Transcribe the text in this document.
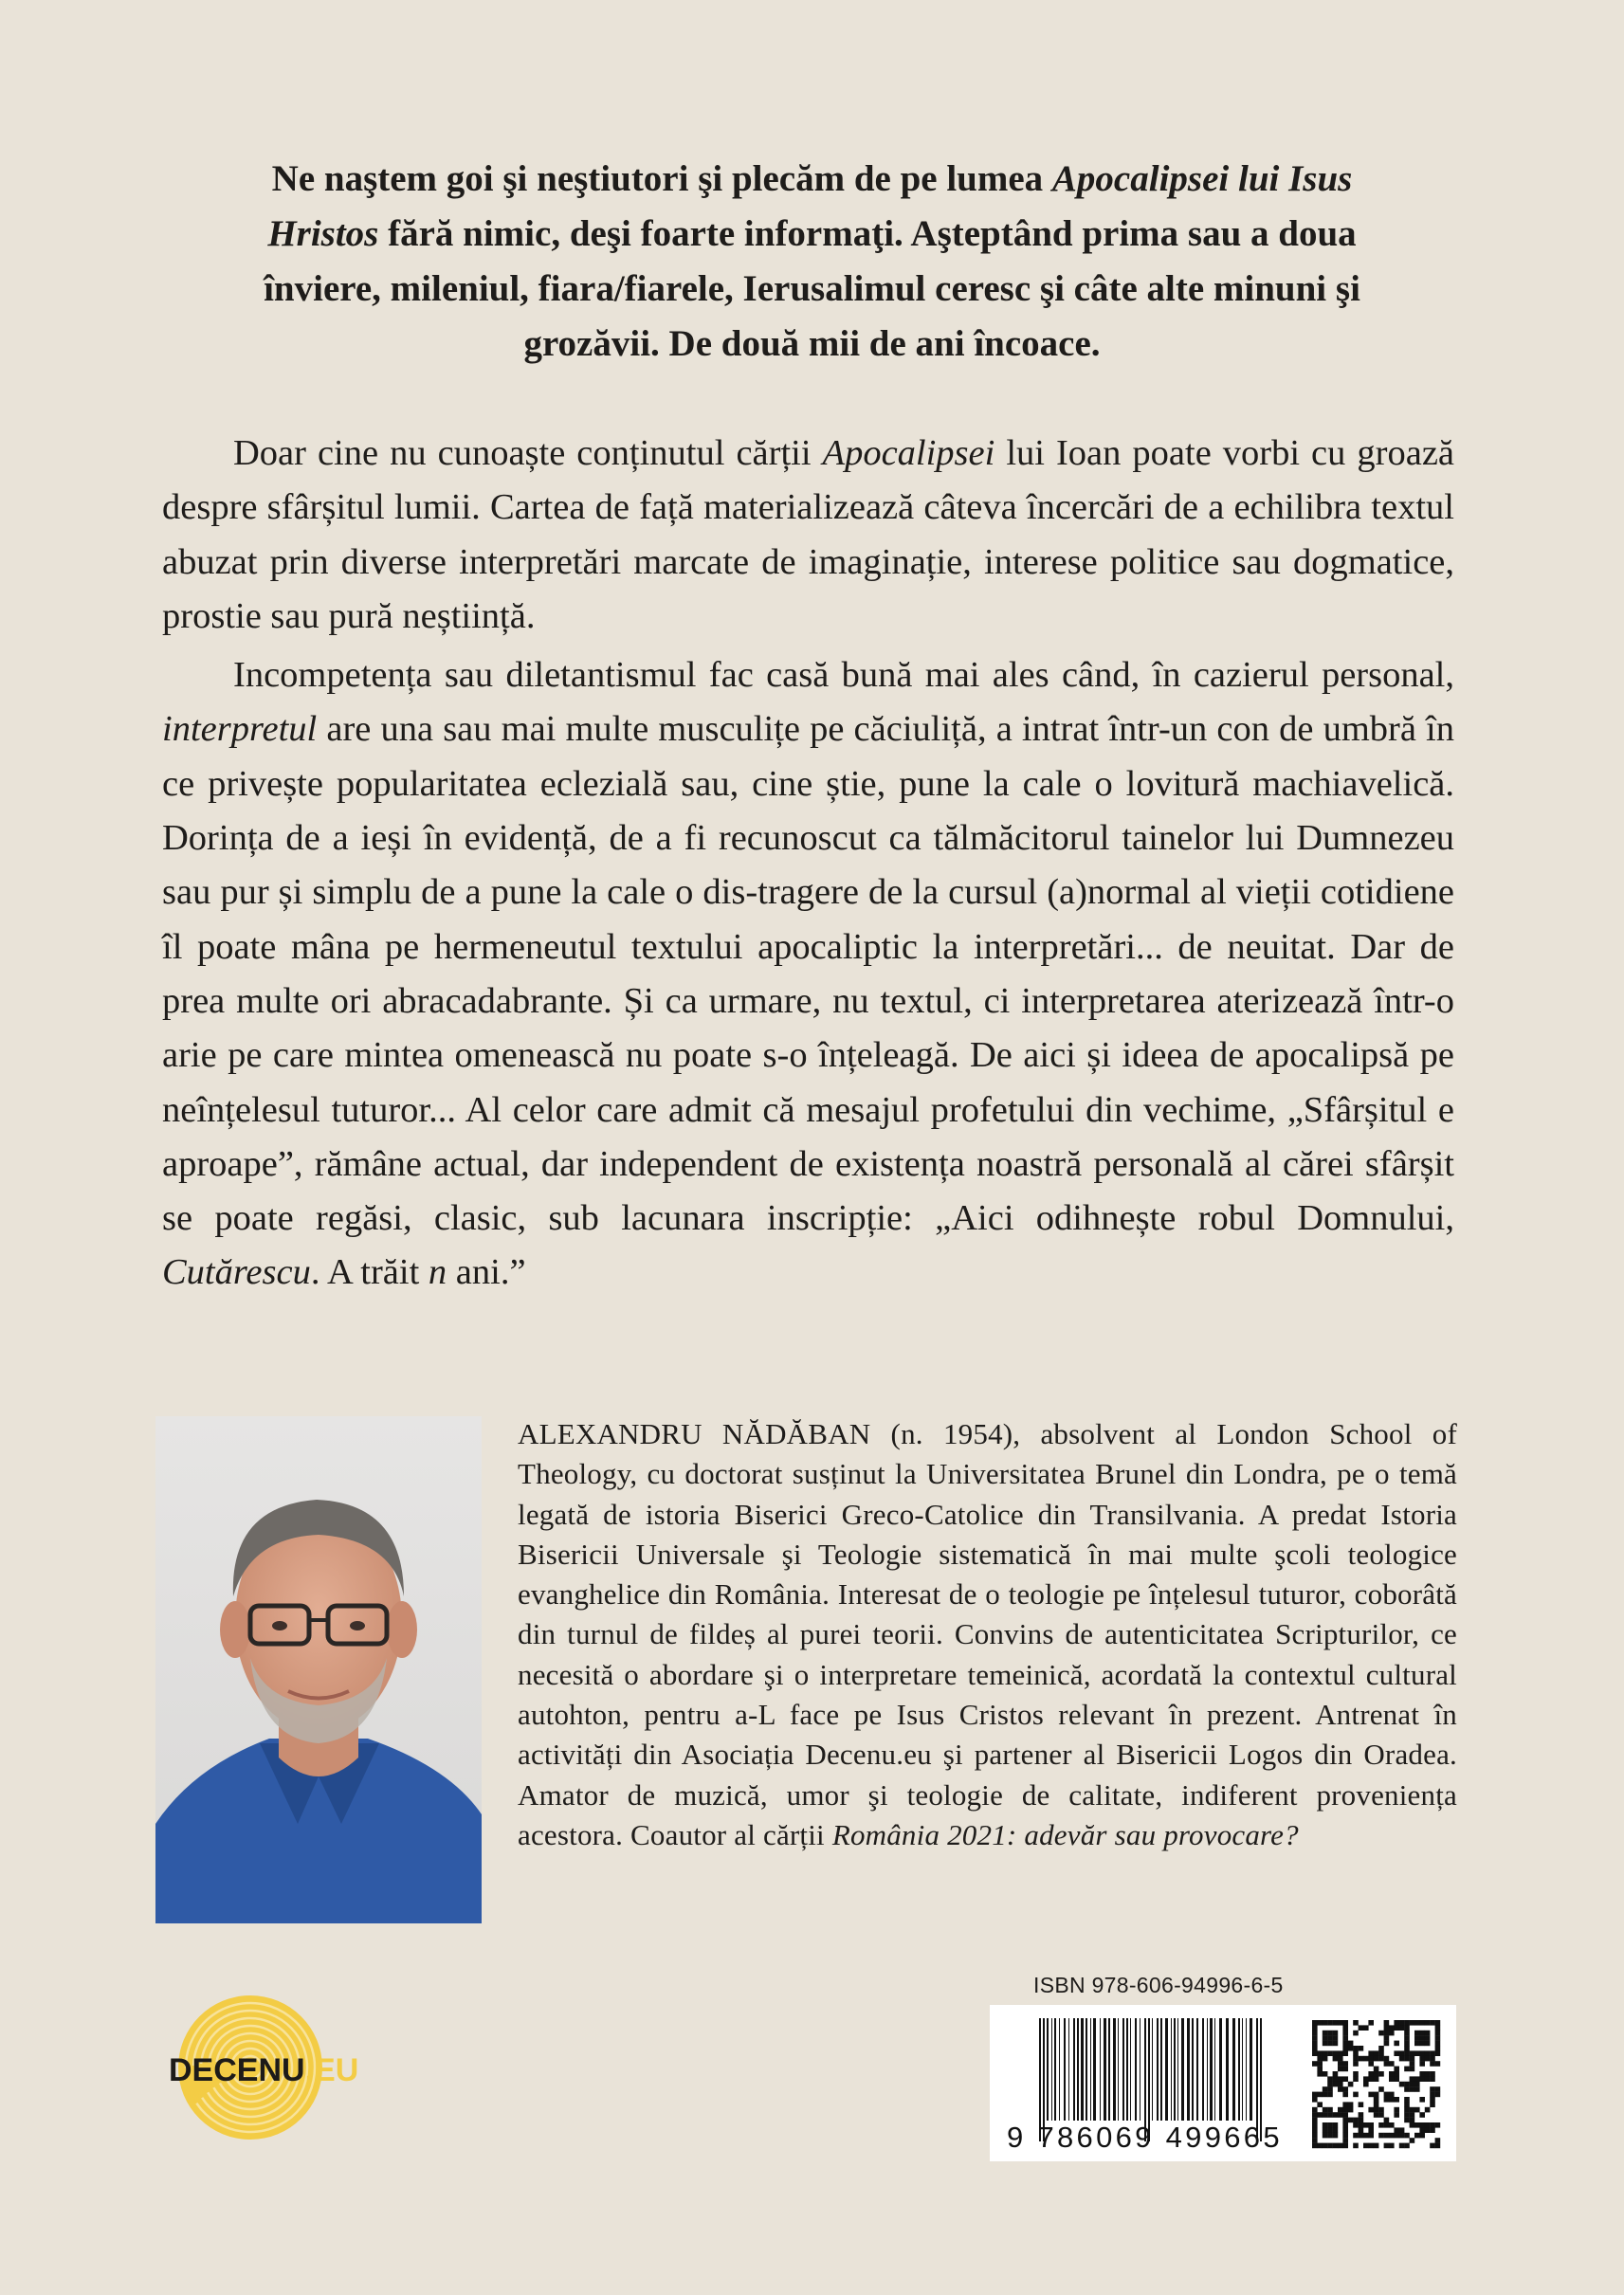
Ne naştem goi şi neştiutori şi plecăm de pe lumea Apocalipsei lui Isus Hristos fără nimic, deşi foarte informaţi. Aşteptând prima sau a doua înviere, mileniul, fiara/fiarele, Ierusalimul ceresc şi câte alte minuni şi grozăvii. De două mii de ani încoace.

Doar cine nu cunoaște conținutul cărții Apocalipsei lui Ioan poate vorbi cu groază despre sfârșitul lumii. Cartea de față materializează câteva încercări de a echilibra textul abuzat prin diverse interpretări marcate de imaginație, interese politice sau dogmatice, prostie sau pură neștiință.

Incompetența sau diletantismul fac casă bună mai ales când, în cazierul personal, interpretul are una sau mai multe musculițe pe căciuliță, a intrat într-un con de umbră în ce privește popularitatea eclezială sau, cine știe, pune la cale o lovitură machiavelică. Dorința de a ieși în evidență, de a fi recunoscut ca tălmăcitorul tainelor lui Dumnezeu sau pur și simplu de a pune la cale o dis-tragere de la cursul (a)normal al vieții cotidiene îl poate mâna pe hermeneutul textului apocaliptic la interpretări... de neuitat. Dar de prea multe ori abracadabrante. Și ca urmare, nu textul, ci interpretarea aterizează într-o arie pe care mintea omenească nu poate s-o înțeleagă. De aici și ideea de apocalipsă pe neînțelesul tuturor... Al celor care admit că mesajul profetului din vechime, „Sfârșitul e aproape”, rămâne actual, dar independent de existența noastră personală al cărei sfârșit se poate regăsi, clasic, sub lacunara inscripție: „Aici odihnește robul Domnului, Cutărescu. A trăit n ani.”

ALEXANDRU NĂDĂBAN (n. 1954), absolvent al London School of Theology, cu doctorat susținut la Universitatea Brunel din Londra, pe o temă legată de istoria Biserici Greco-Catolice din Transilvania. A predat Istoria Bisericii Universale şi Teologie sistematică în mai multe şcoli teologice evanghelice din România. Interesat de o teologie pe înțelesul tuturor, coborâtă din turnul de fildeș al purei teorii. Convins de autenticitatea Scripturilor, ce necesită o abordare şi o interpretare temeinică, acordată la contextul cultural autohton, pentru a-L face pe Isus Cristos relevant în prezent. Antrenat în activități din Asociația Decenu.eu şi partener al Bisericii Logos din Oradea. Amator de muzică, umor şi teologie de calitate, indiferent proveniența acestora. Coautor al cărții România 2021: adevăr sau provocare?

DECENU.EU
ISBN 978-606-94996-6-5
9 786069 499665
